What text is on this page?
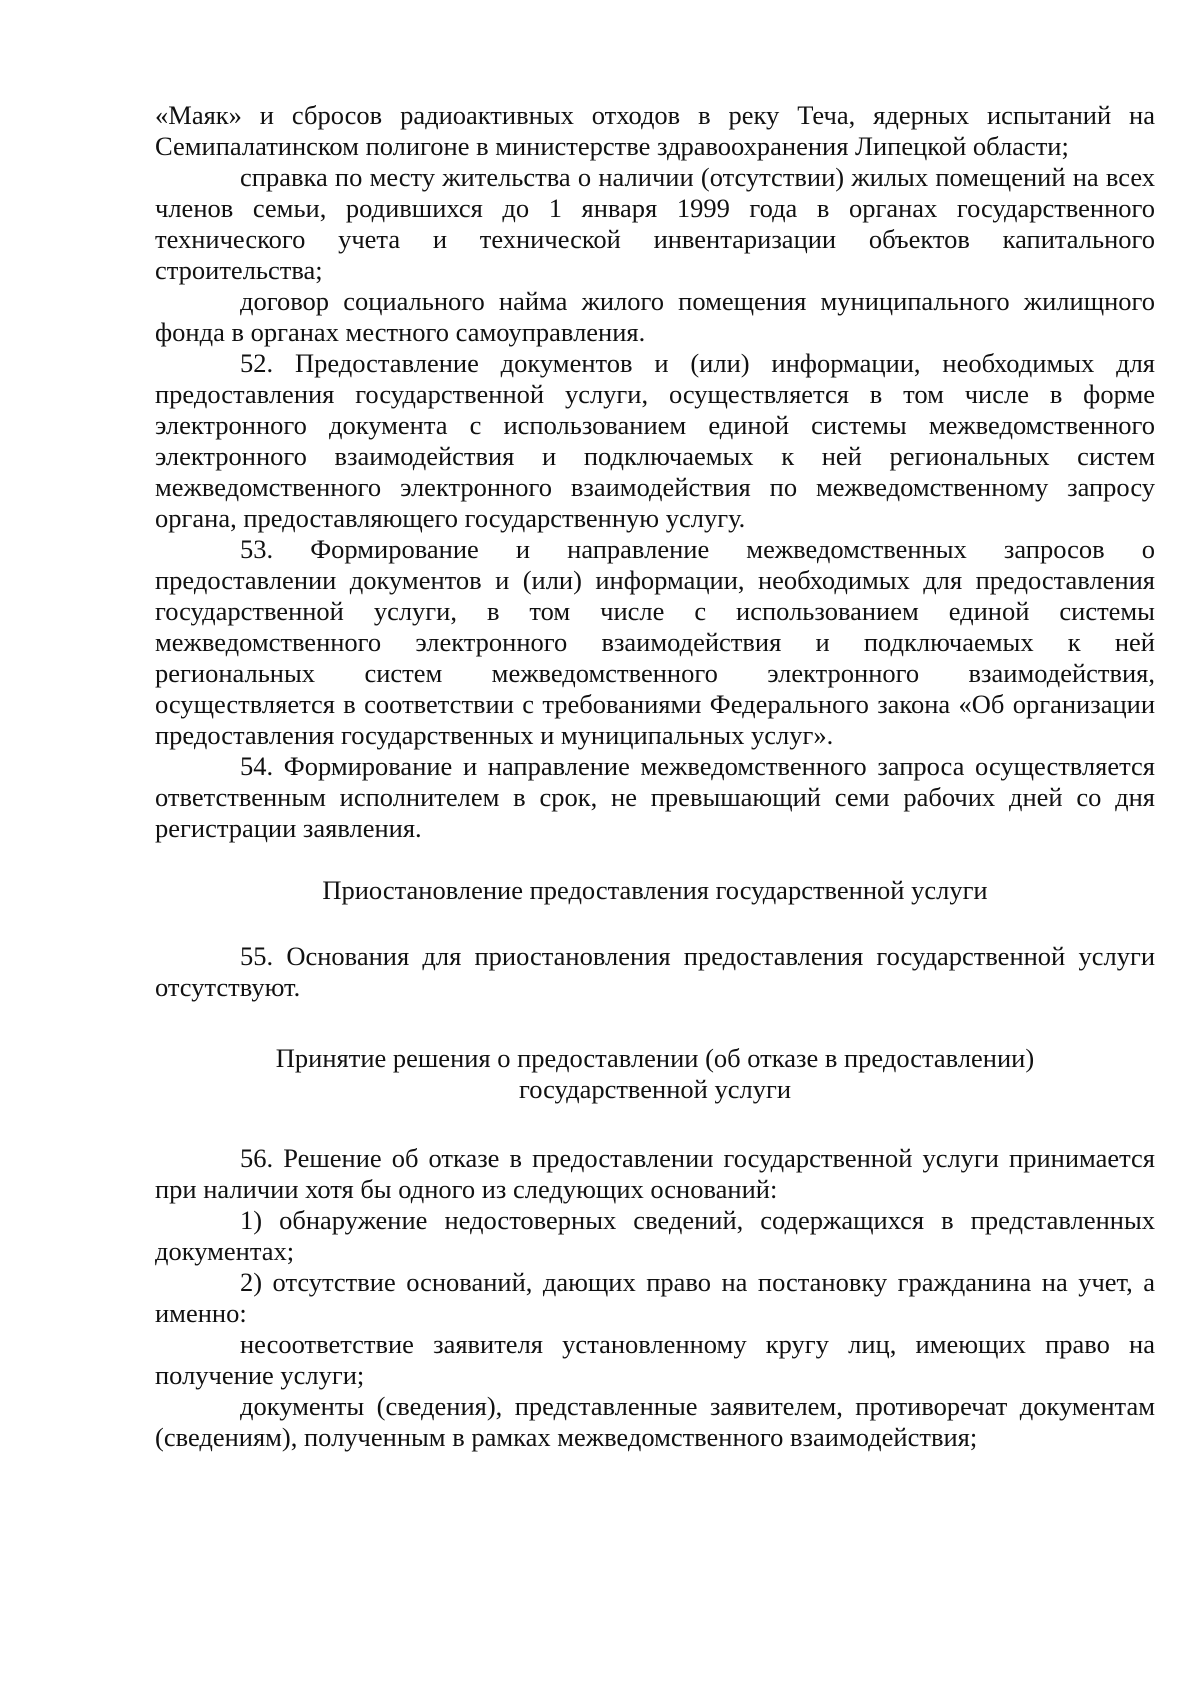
«Маяк» и сбросов радиоактивных отходов в реку Теча, ядерных испытаний на Семипалатинском полигоне в министерстве здравоохранения Липецкой области;

справка по месту жительства о наличии (отсутствии) жилых помещений на всех членов семьи, родившихся до 1 января 1999 года в органах государственного технического учета и технической инвентаризации объектов капитального строительства;

договор социального найма жилого помещения муниципального жилищного фонда в органах местного самоуправления.

52. Предоставление документов и (или) информации, необходимых для предоставления государственной услуги, осуществляется в том числе в форме электронного документа с использованием единой системы межведомственного электронного взаимодействия и подключаемых к ней региональных систем межведомственного электронного взаимодействия по межведомственному запросу органа, предоставляющего государственную услугу.

53. Формирование и направление межведомственных запросов о предоставлении документов и (или) информации, необходимых для предоставления государственной услуги, в том числе с использованием единой системы межведомственного электронного взаимодействия и подключаемых к ней региональных систем межведомственного электронного взаимодействия, осуществляется в соответствии с требованиями Федерального закона «Об организации предоставления государственных и муниципальных услуг».

54. Формирование и направление межведомственного запроса осуществляется ответственным исполнителем в срок, не превышающий семи рабочих дней со дня регистрации заявления.

Приостановление предоставления государственной услуги

55. Основания для приостановления предоставления государственной услуги отсутствуют.

Принятие решения о предоставлении (об отказе в предоставлении)
государственной услуги

56. Решение об отказе в предоставлении государственной услуги принимается при наличии хотя бы одного из следующих оснований:

1) обнаружение недостоверных сведений, содержащихся в представленных документах;

2) отсутствие оснований, дающих право на постановку гражданина на учет, а именно:

несоответствие заявителя установленному кругу лиц, имеющих право на получение услуги;

документы (сведения), представленные заявителем, противоречат документам (сведениям), полученным в рамках межведомственного взаимодействия;
